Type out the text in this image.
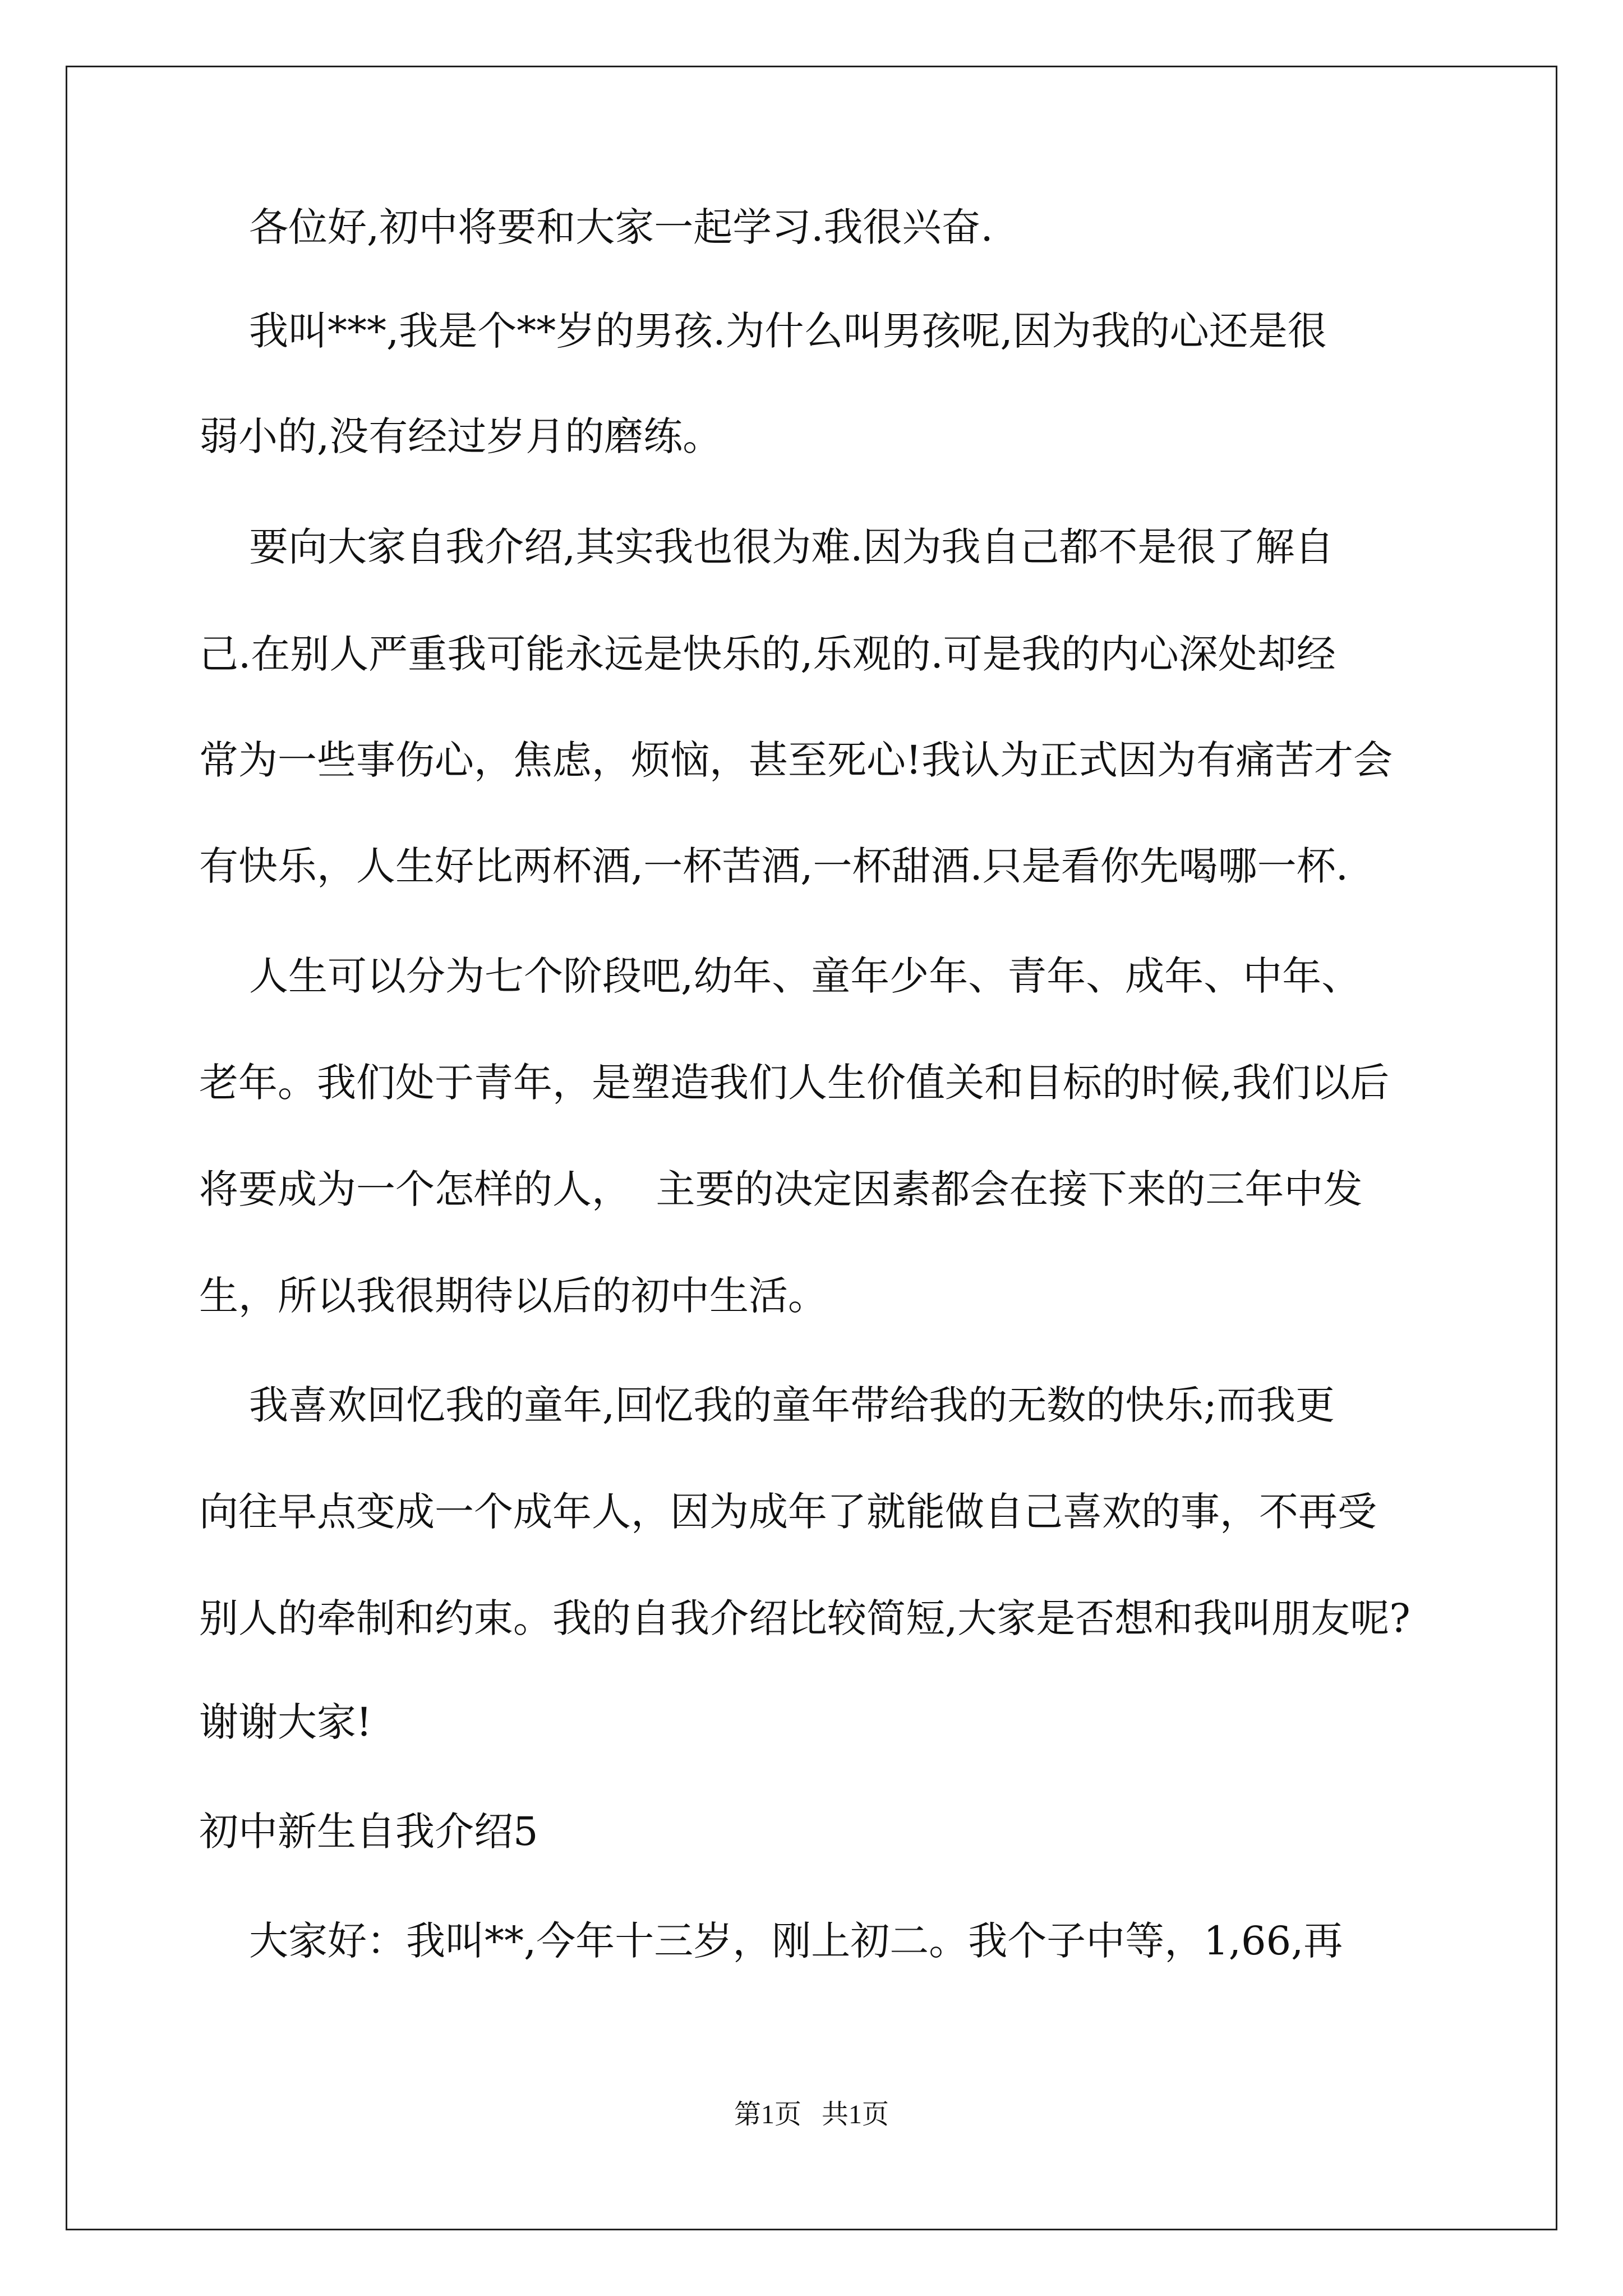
各位好,初中将要和大家一起学习.我很兴奋.
我叫***,我是个**岁的男孩.为什么叫男孩呢,因为我的心还是很
弱小的,没有经过岁月的磨练。
要向大家自我介绍,其实我也很为难.因为我自己都不是很了解自
己.在别人严重我可能永远是快乐的,乐观的.可是我的内心深处却经
常为一些事伤心，焦虑，烦恼，甚至死心!我认为正式因为有痛苦才会
有快乐，人生好比两杯酒,一杯苦酒,一杯甜酒.只是看你先喝哪一杯.
人生可以分为七个阶段吧,幼年、童年少年、青年、成年、中年、
老年。我们处于青年，是塑造我们人生价值关和目标的时候,我们以后
将要成为一个怎样的人，  主要的决定因素都会在接下来的三年中发
生，所以我很期待以后的初中生活。
我喜欢回忆我的童年,回忆我的童年带给我的无数的快乐;而我更
向往早点变成一个成年人，因为成年了就能做自己喜欢的事，不再受
别人的牵制和约束。我的自我介绍比较简短,大家是否想和我叫朋友呢?
谢谢大家!
初中新生自我介绍5
大家好：我叫**,今年十三岁，刚上初二。我个子中等，1,66,再
第1页 共1页
